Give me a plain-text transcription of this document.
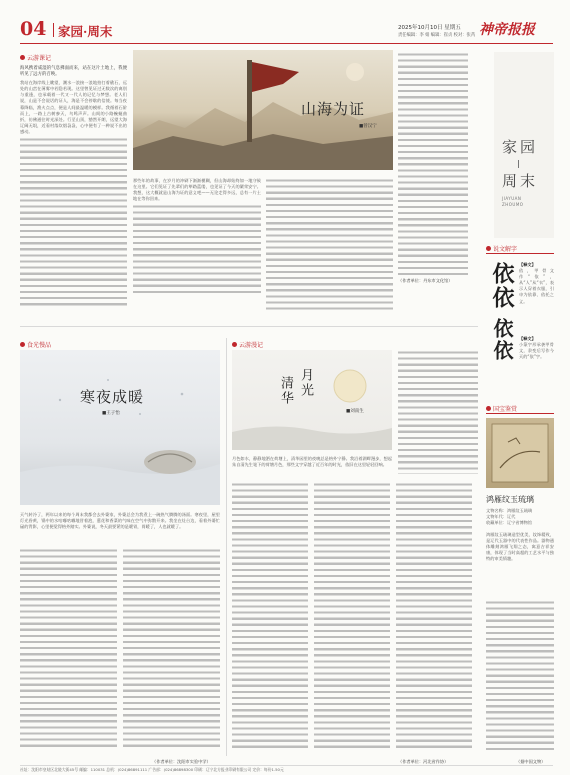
04 家园·周末	2025年10月10日 星期五
责任编辑：李 娟 编辑：崔贞 校对：张芮 神帝报报
云游课记
海风携着咸湿的气息拂面而来，站在这片土地上，我便听见了远方的召唤。
我站在海岸线上眺望，潮水一浪接一浪地拍打着礁石，远处的山峦在薄雾中若隐若现。这里曾见证过无数次的离别与重逢，也承载着一代又一代人的记忆与梦想。老人们说，山是不会说话的证人，海是不会停歇的信使。每当夜幕降临，渔火点点，便是人间最温暖的模样。我循着石阶而上，一路上古树参天，鸟鸣声声。山间的小路蜿蜒曲折，仿佛通往时光深处。行至山顶，豁然开朗，远望大海辽阔无垠，近看村落炊烟袅袅，心中便有了一种说不出的感动。
山海为证
■曾汉宁
那些年的故事，在岁月的冲刷下渐渐模糊，但山海却始终如一地守候在这里。它们见证了先辈们的筚路蓝缕，也见证了今天的繁荣安宁。我想，这大概就是山海为证的意义吧——无论走得多远，总有一片土地在等你回来。
（作者单位：丹东市文化馆）
家园
周末
JIAYUAN ZHOUMO
说文解字
依依 【释文】
依，甲骨文作“依”，从“人”从“衣”，表示人穿着衣服，引申为依靠、依托之义。
【释文】
小篆字形承袭甲骨文，隶变后写作今天的“依”字。
依依
食光慢品
寒夜成暖
■王子怡
天气转冷了，两年以来的每个周末我都会去外婆家，外婆总会为我煮上一碗热气腾腾的汤面。寒夜里，屋里灯光昏黄，锅中的水咕嘟咕嘟地冒着泡，葱花和香菜的气味在空气中弥散开来。我坐在灶台边，看着外婆忙碌的背影，心里便觉得格外踏实。外婆说，冬天最要紧的是暖胃，胃暖了，人也就暖了。
（作者单位：沈阳市实验中学）
云游漫记
月光
清华
■刘南生
月色如水，静静地洒在荷塘上，清华园里的夜晚总是格外宁静。我沿着湖畔漫步，想起朱自清先生笔下的荷塘月色，那些文字穿越了近百年的时光，依旧在这里轻轻回响。
（作者单位：河北省作协）
国宝鉴赏
鸿雁纹玉琉璃
文物名称：鸿雁纹玉琉璃
文物年代：辽代
收藏单位：辽宁省博物馆
鸿雁纹玉琉璃造型优美，纹饰精致，是辽代玉器中的代表性作品。器物通体雕刻鸿雁飞翔之态，寓意吉祥安康，体现了当时高超的工艺水平与独特的审美情趣。
（据中国文物）
社址：沈阳市皇姑区北陵大街45号 邮编：110031 总机：(024)86891111 广告部：(024)86898300 印刷：辽宁北方报业印刷有限公司 定价：每份1.50元
